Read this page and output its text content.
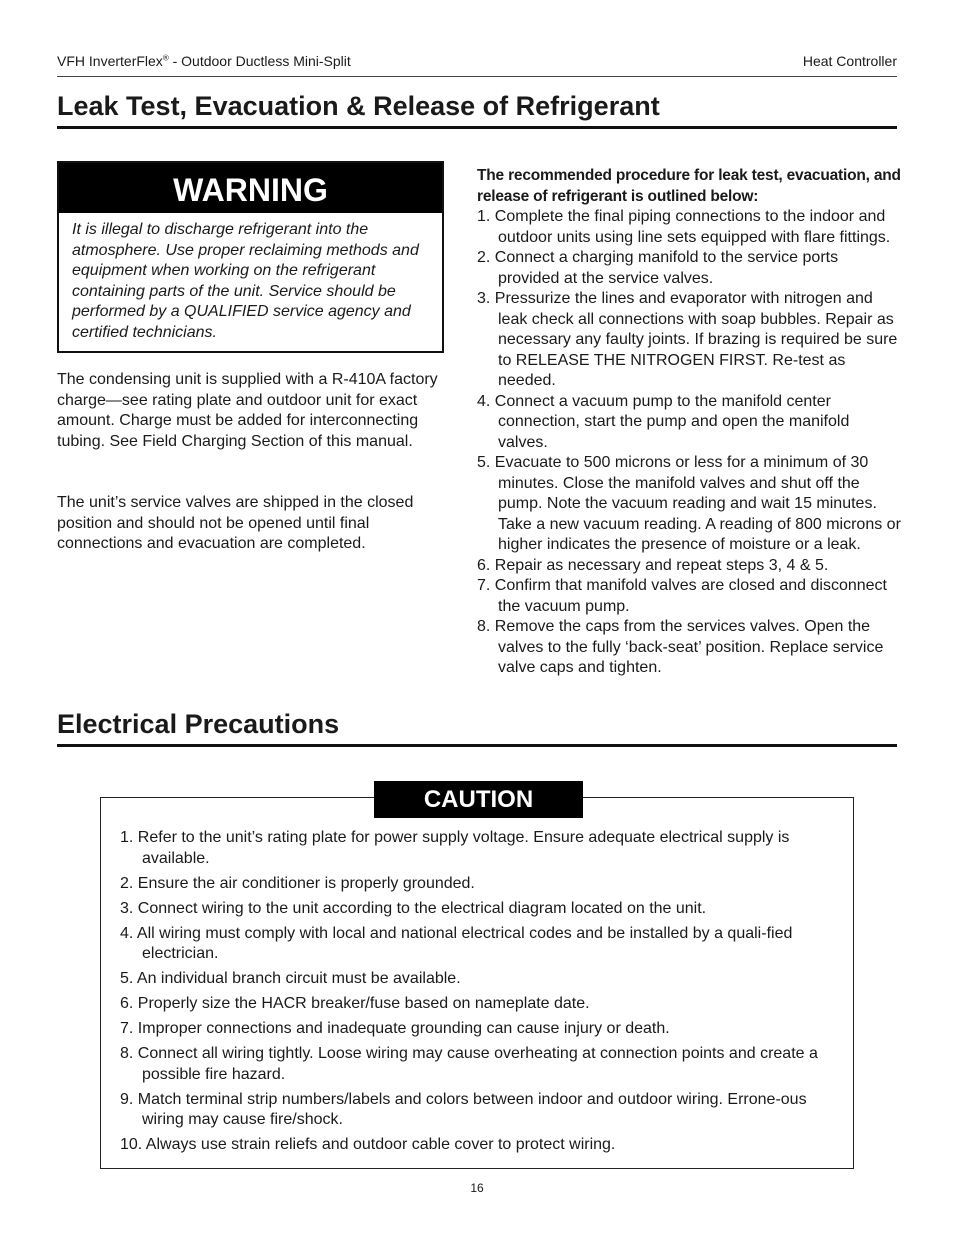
VFH InverterFlex® - Outdoor Ductless Mini-Split	Heat Controller
Leak Test, Evacuation & Release of Refrigerant
WARNING
It is illegal to discharge refrigerant into the atmosphere. Use proper reclaiming methods and equipment when working on the refrigerant containing parts of the unit. Service should be performed by a QUALIFIED service agency and certified technicians.

The condensing unit is supplied with a R-410A factory charge—see rating plate and outdoor unit for exact amount. Charge must be added for interconnecting tubing. See Field Charging Section of this manual.

The unit’s service valves are shipped in the closed position and should not be opened until final connections and evacuation are completed.

The recommended procedure for leak test, evacuation, and release of refrigerant is outlined below:
1. Complete the final piping connections to the indoor and outdoor units using line sets equipped with flare fittings.
2. Connect a charging manifold to the service ports provided at the service valves.
3. Pressurize the lines and evaporator with nitrogen and leak check all connections with soap bubbles. Repair as necessary any faulty joints. If brazing is required be sure to RELEASE THE NITROGEN FIRST. Re-test as needed.
4. Connect a vacuum pump to the manifold center connection, start the pump and open the manifold valves.
5. Evacuate to 500 microns or less for a minimum of 30 minutes. Close the manifold valves and shut off the pump. Note the vacuum reading and wait 15 minutes. Take a new vacuum reading. A reading of 800 microns or higher indicates the presence of moisture or a leak.
6. Repair as necessary and repeat steps 3, 4 & 5.
7. Confirm that manifold valves are closed and disconnect the vacuum pump.
8. Remove the caps from the services valves. Open the valves to the fully ‘back-seat’ position. Replace service valve caps and tighten.
Electrical Precautions
CAUTION
1. Refer to the unit’s rating plate for power supply voltage. Ensure adequate electrical supply is available.
2. Ensure the air conditioner is properly grounded.
3. Connect wiring to the unit according to the electrical diagram located on the unit.
4. All wiring must comply with local and national electrical codes and be installed by a quali-fied electrician.
5. An individual branch circuit must be available.
6. Properly size the HACR breaker/fuse based on nameplate date.
7. Improper connections and inadequate grounding can cause injury or death.
8. Connect all wiring tightly. Loose wiring may cause overheating at connection points and create a possible fire hazard.
9. Match terminal strip numbers/labels and colors between indoor and outdoor wiring. Errone-ous wiring may cause fire/shock.
10. Always use strain reliefs and outdoor cable cover to protect wiring.
16
